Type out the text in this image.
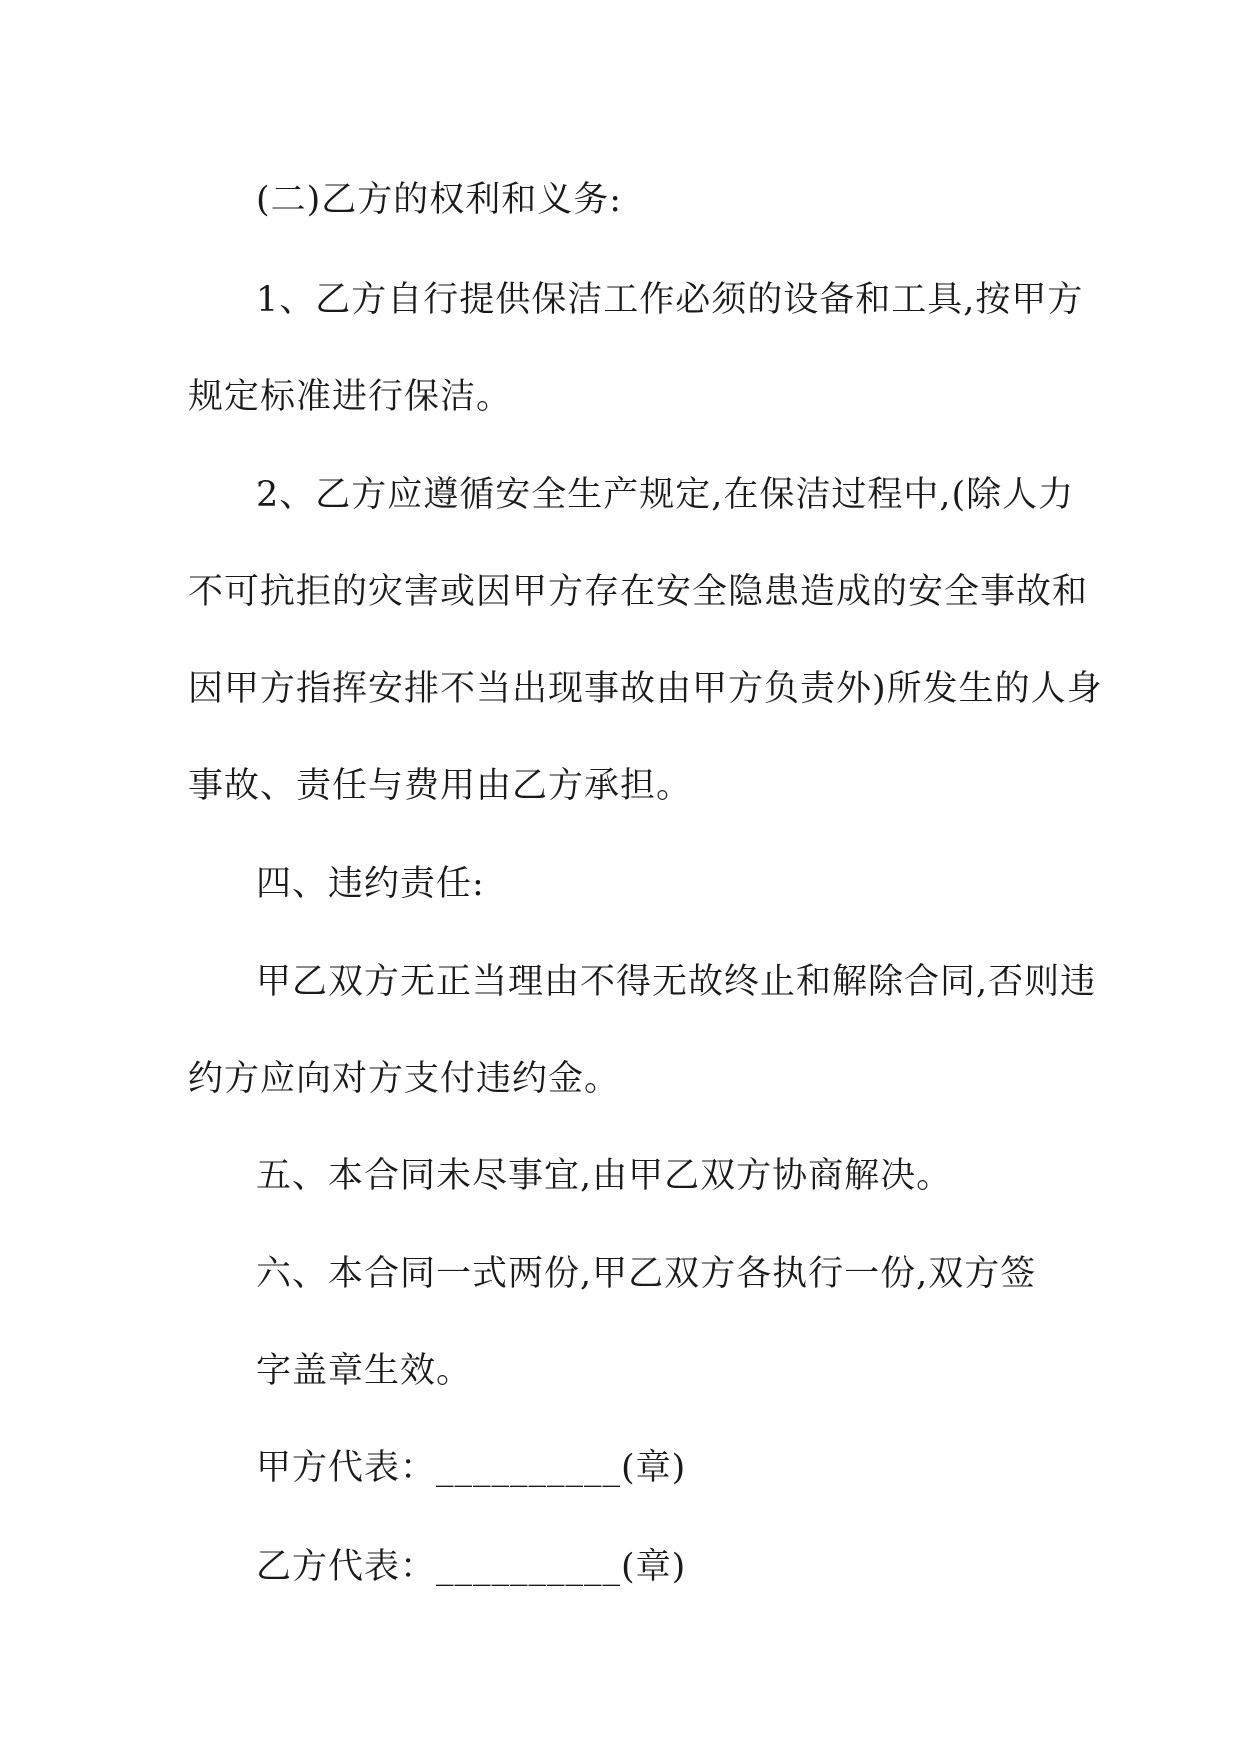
(二)乙方的权利和义务:
1、乙方自行提供保洁工作必须的设备和工具,按甲方
规定标准进行保洁。
2、乙方应遵循安全生产规定,在保洁过程中,(除人力
不可抗拒的灾害或因甲方存在安全隐患造成的安全事故和
因甲方指挥安排不当出现事故由甲方负责外)所发生的人身
事故、责任与费用由乙方承担。
四、违约责任:
甲乙双方无正当理由不得无故终止和解除合同,否则违
约方应向对方支付违约金。
五、本合同未尽事宜,由甲乙双方协商解决。
六、本合同一式两份,甲乙双方各执行一份,双方签
字盖章生效。
甲方代表：__________(章)
乙方代表：__________(章)
